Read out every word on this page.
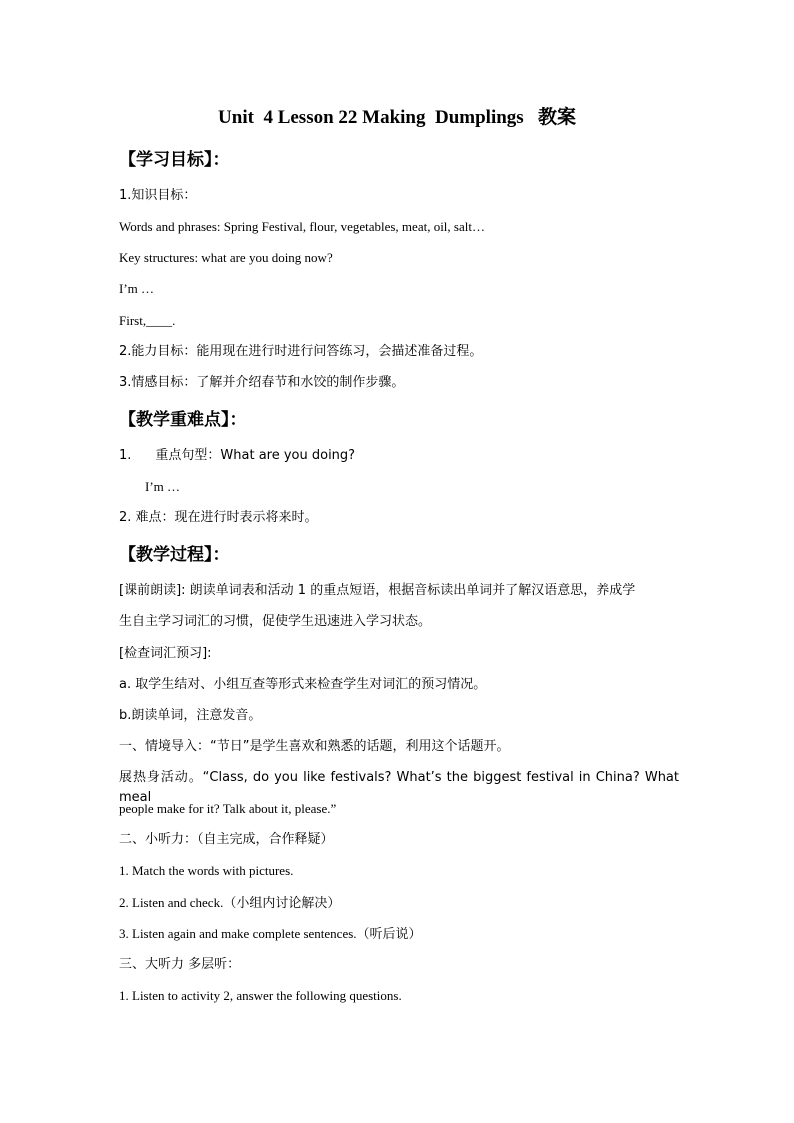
Unit  4 Lesson 22 Making  Dumplings   教案
【学习目标】：
1.知识目标：
Words and phrases: Spring Festival, flour, vegetables, meat, oil, salt…
Key structures: what are you doing now?
I’m …
First,____.
2.能力目标：能用现在进行时进行问答练习，会描述准备过程。
3.情感目标：了解并介绍春节和水饺的制作步骤。
【教学重难点】：
1. 重点句型：What are you doing?
I’m …
2. 难点：现在进行时表示将来时。
【教学过程】：
[课前朗读]: 朗读单词表和活动 1 的重点短语，根据音标读出单词并了解汉语意思，养成学
生自主学习词汇的习惯，促使学生迅速进入学习状态。
[检查词汇预习]:
a. 取学生结对、小组互查等形式来检查学生对词汇的预习情况。
b.朗读单词，注意发音。
一、情境导入：“节日”是学生喜欢和熟悉的话题，利用这个话题开。
展热身活动。“Class, do you like festivals? What’s the biggest festival in China? What meal
people make for it? Talk about it, please.”
二、小听力：（自主完成，合作释疑）
1. Match the words with pictures.
2. Listen and check.（小组内讨论解决）
3. Listen again and make complete sentences.（听后说）
三、大听力 多层听：
1. Listen to activity 2, answer the following questions.
